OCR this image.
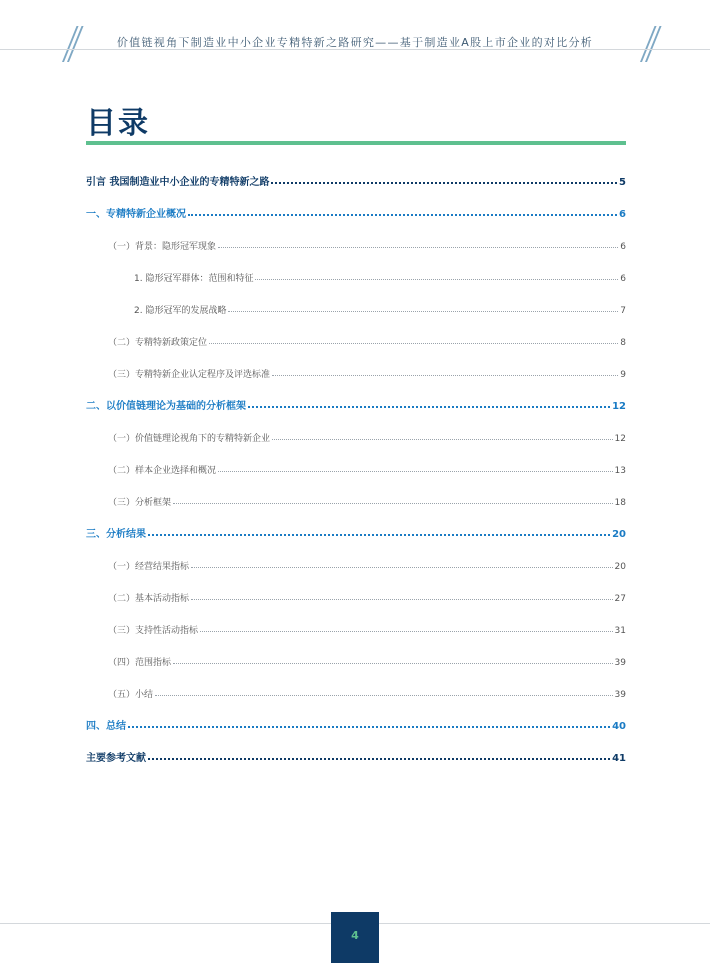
价值链视角下制造业中小企业专精特新之路研究——基于制造业A股上市企业的对比分析
目录
引言 我国制造业中小企业的专精特新之路	5
一、专精特新企业概况	6
（一）背景：隐形冠军现象	6
1. 隐形冠军群体：范围和特征	6
2. 隐形冠军的发展战略	7
（二）专精特新政策定位	8
（三）专精特新企业认定程序及评选标准	9
二、以价值链理论为基础的分析框架	12
（一）价值链理论视角下的专精特新企业	12
（二）样本企业选择和概况	13
（三）分析框架	18
三、分析结果	20
（一）经营结果指标	20
（二）基本活动指标	27
（三）支持性活动指标	31
（四）范围指标	39
（五）小结	39
四、总结	40
主要参考文献	41
4
